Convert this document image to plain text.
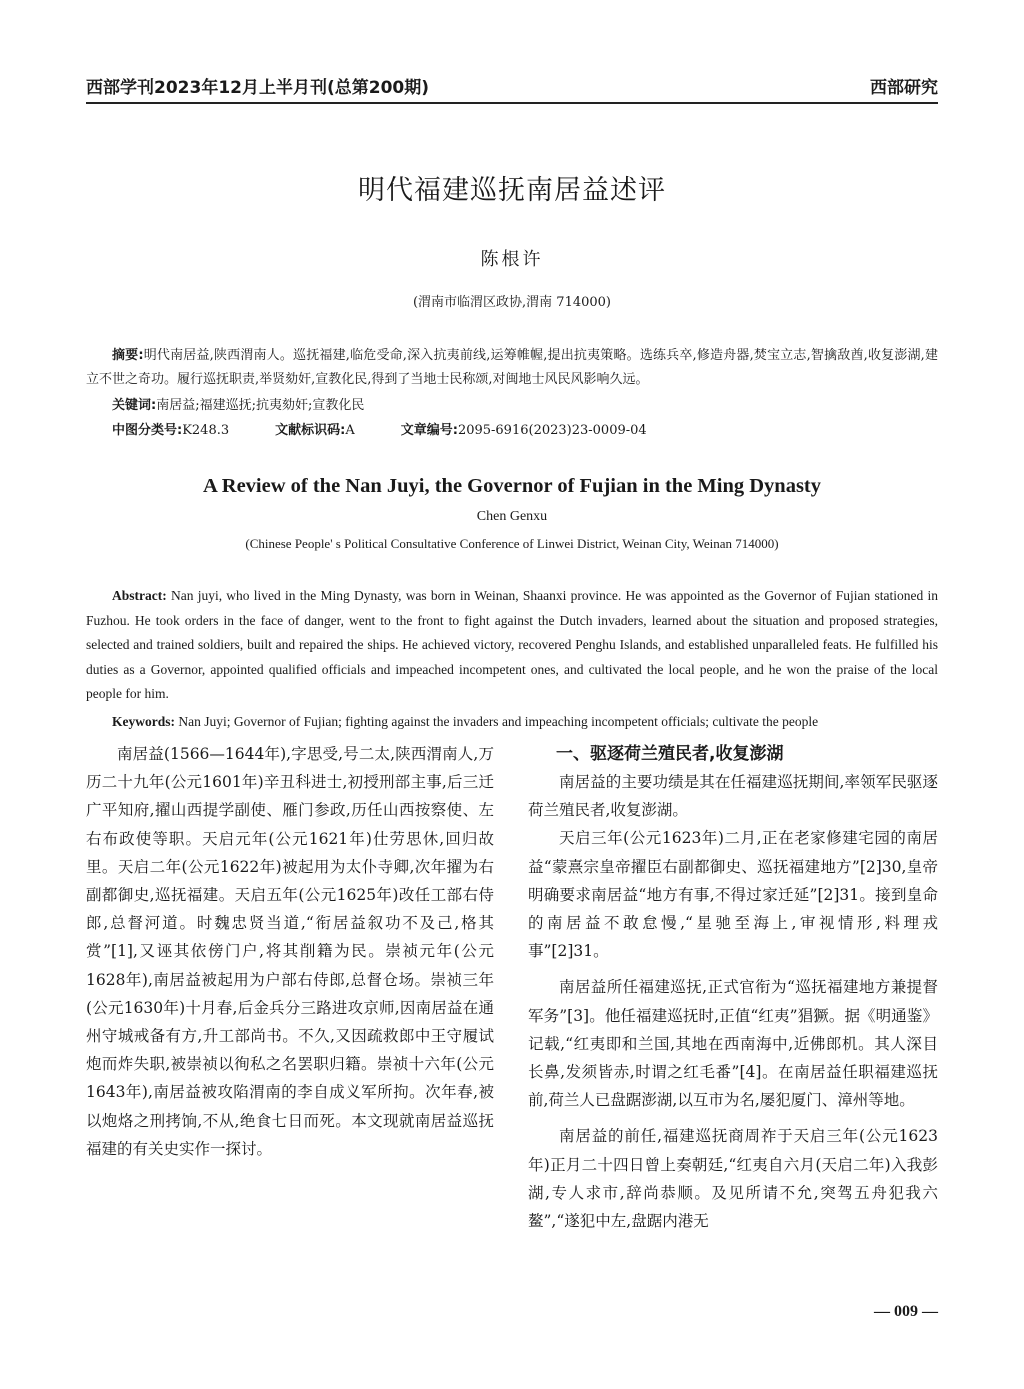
西部学刊2023年12月上半月刊(总第200期)	西部研究
明代福建巡抚南居益述评
陈根许
(渭南市临渭区政协,渭南 714000)
摘要:明代南居益,陕西渭南人。巡抚福建,临危受命,深入抗夷前线,运筹帷幄,提出抗夷策略。选练兵卒,修造舟器,焚宝立志,智擒敌酋,收复澎湖,建立不世之奇功。履行巡抚职责,举贤劾奸,宣教化民,得到了当地士民称颂,对闽地士风民风影响久远。
关键词:南居益;福建巡抚;抗夷劾奸;宣教化民
中图分类号:K248.3	文献标识码:A	文章编号:2095-6916(2023)23-0009-04
A Review of the Nan Juyi, the Governor of Fujian in the Ming Dynasty
Chen Genxu
(Chinese People' s Political Consultative Conference of Linwei District, Weinan City, Weinan 714000)
Abstract: Nan juyi, who lived in the Ming Dynasty, was born in Weinan, Shaanxi province. He was appointed as the Governor of Fujian stationed in Fuzhou. He took orders in the face of danger, went to the front to fight against the Dutch invaders, learned about the situation and proposed strategies, selected and trained soldiers, built and repaired the ships. He achieved victory, recovered Penghu Islands, and established unparalleled feats. He fulfilled his duties as a Governor, appointed qualified officials and impeached incompetent ones, and cultivated the local people, and he won the praise of the local people for him.
Keywords: Nan Juyi; Governor of Fujian; fighting against the invaders and impeaching incompetent officials; cultivate the people

南居益(1566—1644年),字思受,号二太,陕西渭南人,万历二十九年(公元1601年)辛丑科进士,初授刑部主事,后三迁广平知府,擢山西提学副使、雁门参政,历任山西按察使、左右布政使等职。天启元年(公元1621年)仕劳思休,回归故里。天启二年(公元1622年)被起用为太仆寺卿,次年擢为右副都御史,巡抚福建。天启五年(公元1625年)改任工部右侍郎,总督河道。时魏忠贤当道,“衔居益叙功不及己,格其赏”[1],又诬其依傍门户,将其削籍为民。崇祯元年(公元1628年),南居益被起用为户部右侍郎,总督仓场。崇祯三年(公元1630年)十月春,后金兵分三路进攻京师,因南居益在通州守城戒备有方,升工部尚书。不久,又因疏救郎中王守履试炮而炸失职,被崇祯以徇私之名罢职归籍。崇祯十六年(公元1643年),南居益被攻陷渭南的李自成义军所拘。次年春,被以炮烙之刑拷饷,不从,绝食七日而死。本文现就南居益巡抚福建的有关史实作一探讨。

一、驱逐荷兰殖民者,收复澎湖

南居益的主要功绩是其在任福建巡抚期间,率领军民驱逐荷兰殖民者,收复澎湖。

天启三年(公元1623年)二月,正在老家修建宅园的南居益“蒙熹宗皇帝擢臣右副都御史、巡抚福建地方”[2]30,皇帝明确要求南居益“地方有事,不得过家迁延”[2]31。接到皇命的南居益不敢怠慢,“星驰至海上,审视情形,料理戎事”[2]31。

南居益所任福建巡抚,正式官衔为“巡抚福建地方兼提督军务”[3]。他任福建巡抚时,正值“红夷”猖獗。据《明通鉴》记载,“红夷即和兰国,其地在西南海中,近佛郎机。其人深目长鼻,发须皆赤,时谓之红毛番”[4]。在南居益任职福建巡抚前,荷兰人已盘踞澎湖,以互市为名,屡犯厦门、漳州等地。

南居益的前任,福建巡抚商周祚于天启三年(公元1623年)正月二十四日曾上奏朝廷,“红夷自六月(天启二年)入我彭湖,专人求市,辞尚恭顺。及见所请不允,突驾五舟犯我六鳌”,“遂犯中左,盘踞内港无

— 009 —
